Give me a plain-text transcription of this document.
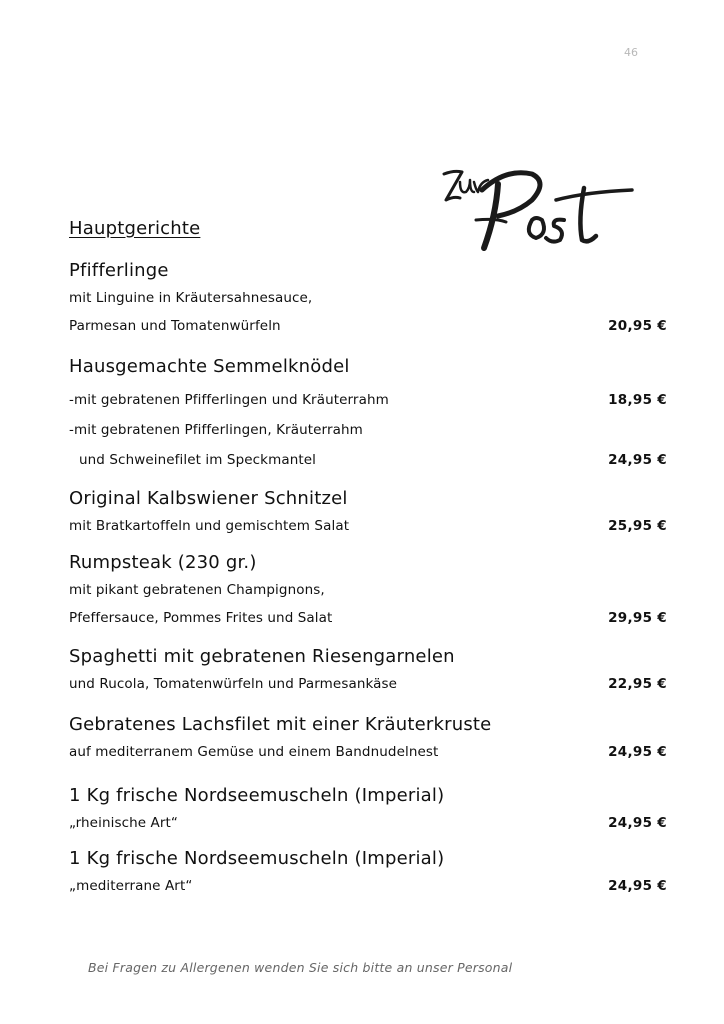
46
Hauptgerichte
Pfifferlinge
mit Linguine in Kräutersahnesauce,
Parmesan und Tomatenwürfeln	20,95 €
Hausgemachte Semmelknödel
-mit gebratenen Pfifferlingen und Kräuterrahm	18,95 €
-mit gebratenen Pfifferlingen, Kräuterrahm
und Schweinefilet im Speckmantel	24,95 €
Original Kalbswiener Schnitzel
mit Bratkartoffeln und gemischtem Salat	25,95 €
Rumpsteak (230 gr.)
mit pikant gebratenen Champignons,
Pfeffersauce, Pommes Frites und Salat	29,95 €
Spaghetti mit gebratenen Riesengarnelen
und Rucola, Tomatenwürfeln und Parmesankäse	22,95 €
Gebratenes Lachsfilet mit einer Kräuterkruste
auf mediterranem Gemüse und einem Bandnudelnest	24,95 €
1 Kg frische Nordseemuscheln (Imperial)
„rheinische Art“	24,95 €
1 Kg frische Nordseemuscheln (Imperial)
„mediterrane Art“	24,95 €
Bei Fragen zu Allergenen wenden Sie sich bitte an unser Personal
